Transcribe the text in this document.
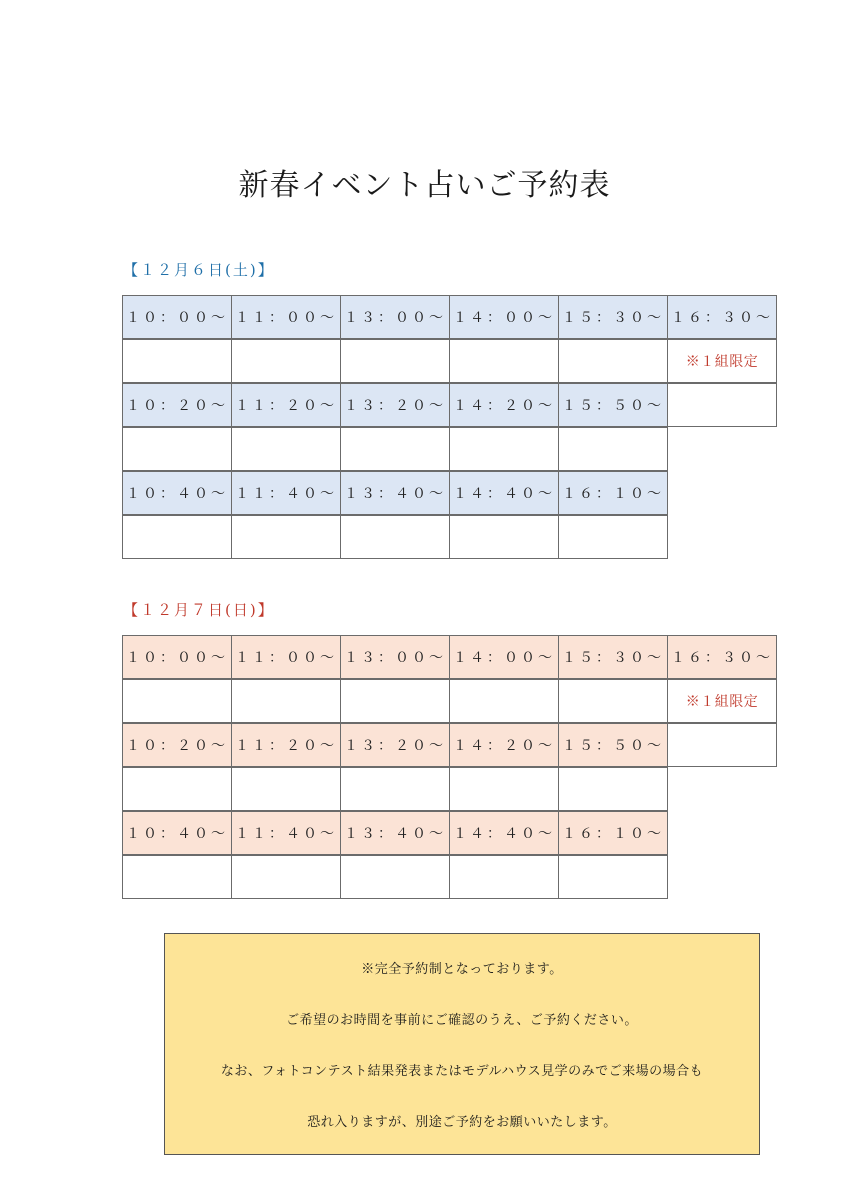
新春イベント占いご予約表
【１２月６日(土)】
１０：００～ １１：００～ １３：００～ １４：００～ １５：３０～ １６：３０～
※１組限定
１０：２０～ １１：２０～ １３：２０～ １４：２０～ １５：５０～
１０：４０～ １１：４０～ １３：４０～ １４：４０～ １６：１０～
【１２月７日(日)】
１０：００～ １１：００～ １３：００～ １４：００～ １５：３０～ １６：３０～
※１組限定
１０：２０～ １１：２０～ １３：２０～ １４：２０～ １５：５０～
１０：４０～ １１：４０～ １３：４０～ １４：４０～ １６：１０～
※完全予約制となっております。
ご希望のお時間を事前にご確認のうえ、ご予約ください。
なお、フォトコンテスト結果発表またはモデルハウス見学のみでご来場の場合も
恐れ入りますが、別途ご予約をお願いいたします。
